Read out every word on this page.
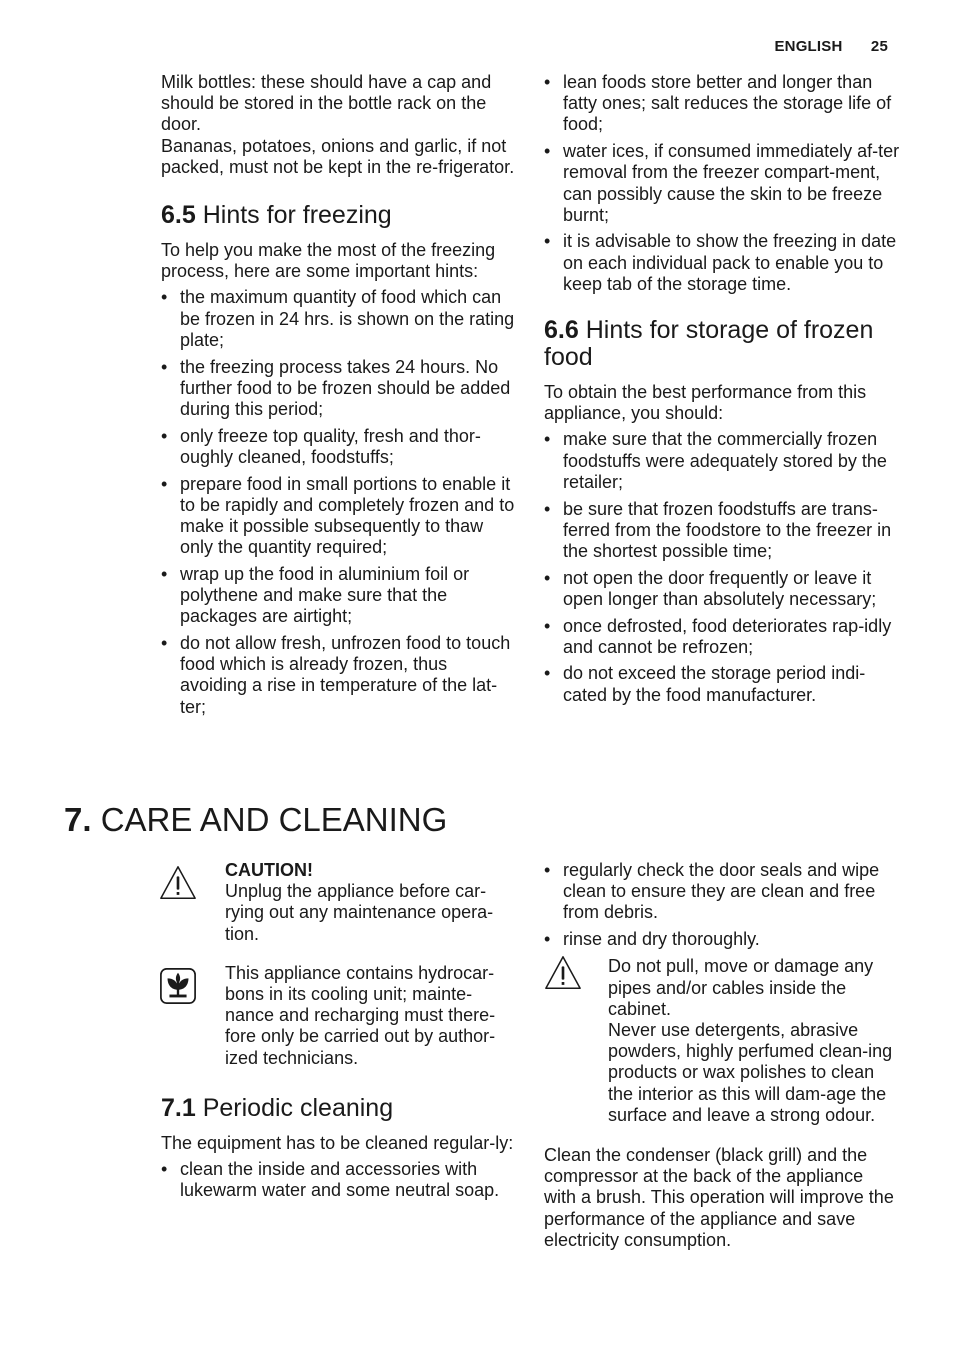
ENGLISH 25

Milk bottles: these should have a cap and should be stored in the bottle rack on the door.

Bananas, potatoes, onions and garlic, if not packed, must not be kept in the re-frigerator.

6.5 Hints for freezing

To help you make the most of the freezing process, here are some important hints:

• the maximum quantity of food which can be frozen in 24 hrs. is shown on the rating plate;
• the freezing process takes 24 hours. No further food to be frozen should be added during this period;
• only freeze top quality, fresh and thor-oughly cleaned, foodstuffs;
• prepare food in small portions to enable it to be rapidly and completely frozen and to make it possible subsequently to thaw only the quantity required;
• wrap up the food in aluminium foil or polythene and make sure that the packages are airtight;
• do not allow fresh, unfrozen food to touch food which is already frozen, thus avoiding a rise in temperature of the lat-ter;
• lean foods store better and longer than fatty ones; salt reduces the storage life of food;
• water ices, if consumed immediately af-ter removal from the freezer compart-ment, can possibly cause the skin to be freeze burnt;
• it is advisable to show the freezing in date on each individual pack to enable you to keep tab of the storage time.
6.6 Hints for storage of frozen food

To obtain the best performance from this appliance, you should:

• make sure that the commercially frozen foodstuffs were adequately stored by the retailer;
• be sure that frozen foodstuffs are trans-ferred from the foodstore to the freezer in the shortest possible time;
• not open the door frequently or leave it open longer than absolutely necessary;
• once defrosted, food deteriorates rap-idly and cannot be refrozen;
• do not exceed the storage period indi-cated by the food manufacturer.
7. CARE AND CLEANING

CAUTION!

Unplug the appliance before car-rying out any maintenance opera-tion.

This appliance contains hydrocar-bons in its cooling unit; mainte-nance and recharging must there-fore only be carried out by author-ized technicians.

7.1 Periodic cleaning

The equipment has to be cleaned regular-ly:

• clean the inside and accessories with lukewarm water and some neutral soap.
• regularly check the door seals and wipe clean to ensure they are clean and free from debris.
• rinse and dry thoroughly.

Do not pull, move or damage any pipes and/or cables inside the cabinet.

Never use detergents, abrasive powders, highly perfumed clean-ing products or wax polishes to clean the interior as this will dam-age the surface and leave a strong odour.

Clean the condenser (black grill) and the compressor at the back of the appliance with a brush. This operation will improve the performance of the appliance and save electricity consumption.
